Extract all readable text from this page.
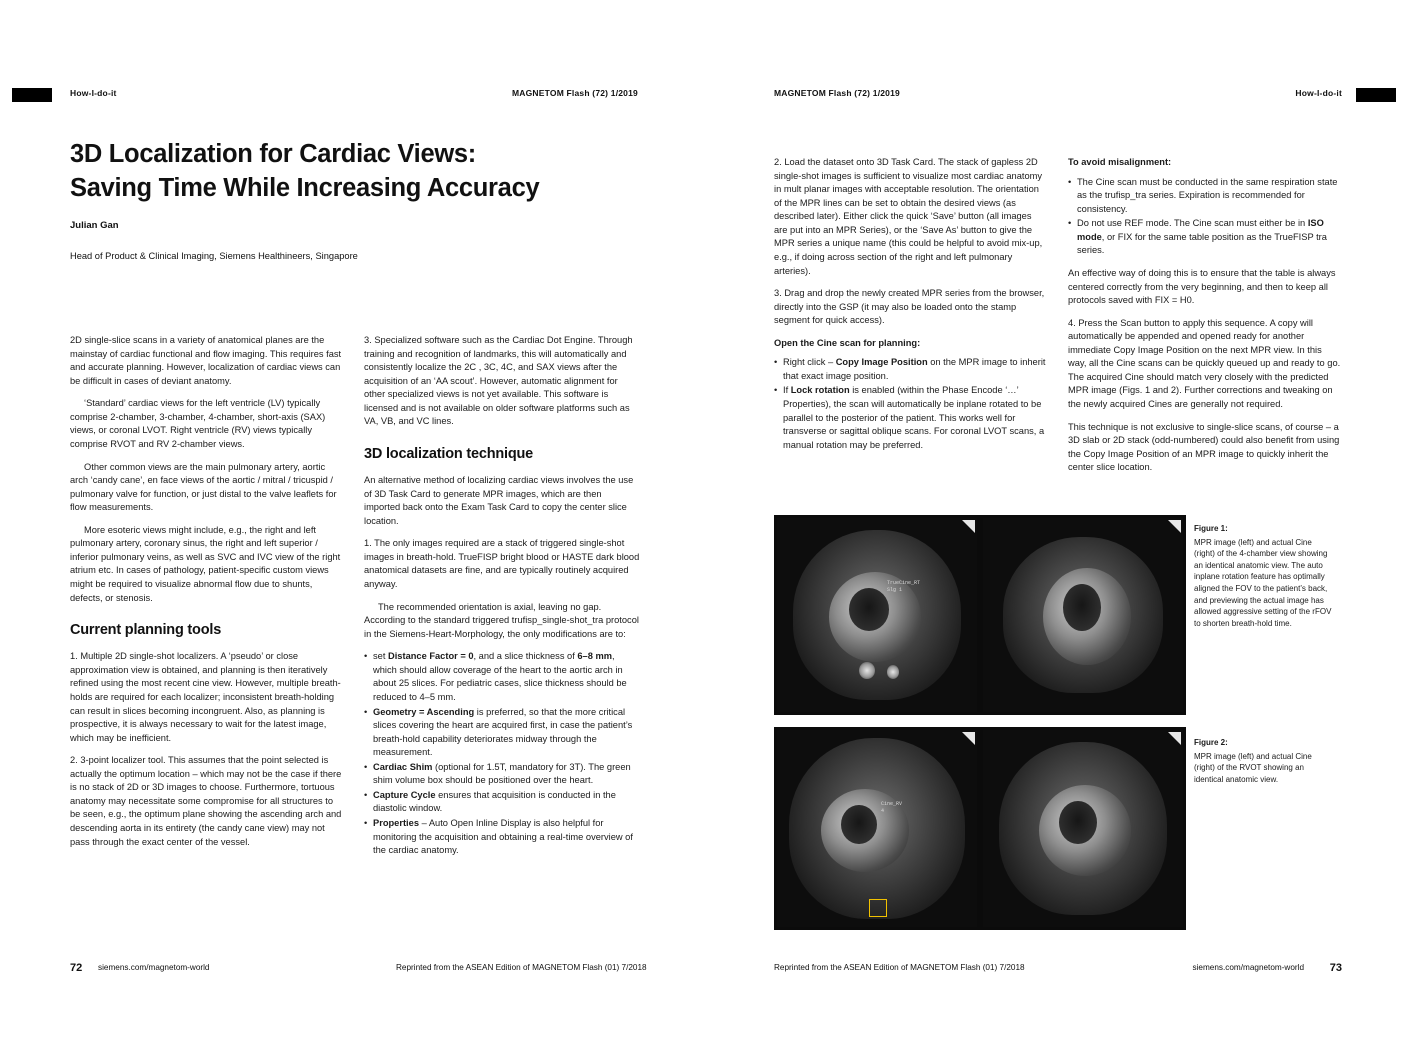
How-I-do-it	MAGNETOM Flash (72) 1/2019
3D Localization for Cardiac Views:
Saving Time While Increasing Accuracy
Julian Gan
Head of Product & Clinical Imaging, Siemens Healthineers, Singapore

2D single-slice scans in a variety of anatomical planes are the mainstay of cardiac functional and flow imaging. This requires fast and accurate planning. However, localization of cardiac views can be difficult in cases of deviant anatomy.

‘Standard’ cardiac views for the left ventricle (LV) typically comprise 2-chamber, 3-chamber, 4-chamber, short-axis (SAX) views, or coronal LVOT. Right ventricle (RV) views typically comprise RVOT and RV 2-chamber views.

Other common views are the main pulmonary artery, aortic arch ‘candy cane’, en face views of the aortic / mitral / tricuspid / pulmonary valve for function, or just distal to the valve leaflets for flow measurements.

More esoteric views might include, e.g., the right and left pulmonary artery, coronary sinus, the right and left superior / inferior pulmonary veins, as well as SVC and IVC view of the right atrium etc. In cases of pathology, patient-specific custom views might be required to visualize abnormal flow due to shunts, defects, or stenosis.

Current planning tools

1. Multiple 2D single-shot localizers. A ‘pseudo’ or close approximation view is obtained, and planning is then iteratively refined using the most recent cine view. However, multiple breath-holds are required for each localizer; inconsistent breath-holding can result in slices becoming incongruent. Also, as planning is prospective, it is always necessary to wait for the latest image, which may be inefficient.

2. 3-point localizer tool. This assumes that the point selected is actually the optimum location – which may not be the case if there is no stack of 2D or 3D images to choose. Furthermore, tortuous anatomy may necessitate some compromise for all structures to be seen, e.g., the optimum plane showing the ascending arch and descending aorta in its entirety (the candy cane view) may not pass through the exact center of the vessel.

3. Specialized software such as the Cardiac Dot Engine. Through training and recognition of landmarks, this will automatically and consistently localize the 2C , 3C, 4C, and SAX views after the acquisition of an ‘AA scout’. However, automatic alignment for other specialized views is not yet available. This software is licensed and is not available on older software platforms such as VA, VB, and VC lines.

3D localization technique

An alternative method of localizing cardiac views involves the use of 3D Task Card to generate MPR images, which are then imported back onto the Exam Task Card to copy the center slice location.

1. The only images required are a stack of triggered single-shot images in breath-hold. TrueFISP bright blood or HASTE dark blood anatomical datasets are fine, and are typically routinely acquired anyway.

The recommended orientation is axial, leaving no gap. According to the standard triggered trufisp_single-shot_tra protocol in the Siemens-Heart-Morphology, the only modifications are to:

• set Distance Factor = 0, and a slice thickness of 6–8 mm, which should allow coverage of the heart to the aortic arch in about 25 slices. For pediatric cases, slice thickness should be reduced to 4–5 mm.
• Geometry = Ascending is preferred, so that the more critical slices covering the heart are acquired first, in case the patient’s breath-hold capability deteriorates midway through the measurement.
• Cardiac Shim (optional for 1.5T, mandatory for 3T). The green shim volume box should be positioned over the heart.
• Capture Cycle ensures that acquisition is conducted in the diastolic window.
• Properties – Auto Open Inline Display is also helpful for monitoring the acquisition and obtaining a real-time overview of the cardiac anatomy.
72 siemens.com/magnetom-world	Reprinted from the ASEAN Edition of MAGNETOM Flash (01) 7/2018
MAGNETOM Flash (72) 1/2019	How-I-do-it

2. Load the dataset onto 3D Task Card. The stack of gapless 2D single-shot images is sufficient to visualize most cardiac anatomy in mult planar images with acceptable resolution. The orientation of the MPR lines can be set to obtain the desired views (as described later). Either click the quick ‘Save’ button (all images are put into an MPR Series), or the ‘Save As’ button to give the MPR series a unique name (this could be helpful to avoid mix-up, e.g., if doing across section of the right and left pulmonary arteries).

3. Drag and drop the newly created MPR series from the browser, directly into the GSP (it may also be loaded onto the stamp segment for quick access).

Open the Cine scan for planning:
• Right click – Copy Image Position on the MPR image to inherit that exact image position.
• If Lock rotation is enabled (within the Phase Encode ‘…’ Properties), the scan will automatically be inplane rotated to be parallel to the posterior of the patient. This works well for transverse or sagittal oblique scans. For coronal LVOT scans, a manual rotation may be preferred.
To avoid misalignment:
• The Cine scan must be conducted in the same respiration state as the trufisp_tra series. Expiration is recommended for consistency.
• Do not use REF mode. The Cine scan must either be in ISO mode, or FIX for the same table position as the TrueFISP tra series.

An effective way of doing this is to ensure that the table is always centered correctly from the very beginning, and then to keep all protocols saved with FIX = H0.

4. Press the Scan button to apply this sequence. A copy will automatically be appended and opened ready for another immediate Copy Image Position on the next MPR view. In this way, all the Cine scans can be quickly queued up and ready to go. The acquired Cine should match very closely with the predicted MPR image (Figs. 1 and 2). Further corrections and tweaking on the newly acquired Cines are generally not required.

This technique is not exclusive to single-slice scans, of course – a 3D slab or 2D stack (odd-numbered) could also benefit from using the Copy Image Position of an MPR image to quickly inherit the center slice location.

TrueCine_RT
Slg 1
Figure 1:
MPR image (left) and actual Cine (right) of the 4-chamber view showing an identical anatomic view. The auto inplane rotation feature has optimally aligned the FOV to the patient’s back, and previewing the actual image has allowed aggressive setting of the rFOV to shorten breath-hold time.
Cine_RV
4
Figure 2:
MPR image (left) and actual Cine (right) of the RVOT showing an identical anatomic view.
Reprinted from the ASEAN Edition of MAGNETOM Flash (01) 7/2018	siemens.com/magnetom-world 73
